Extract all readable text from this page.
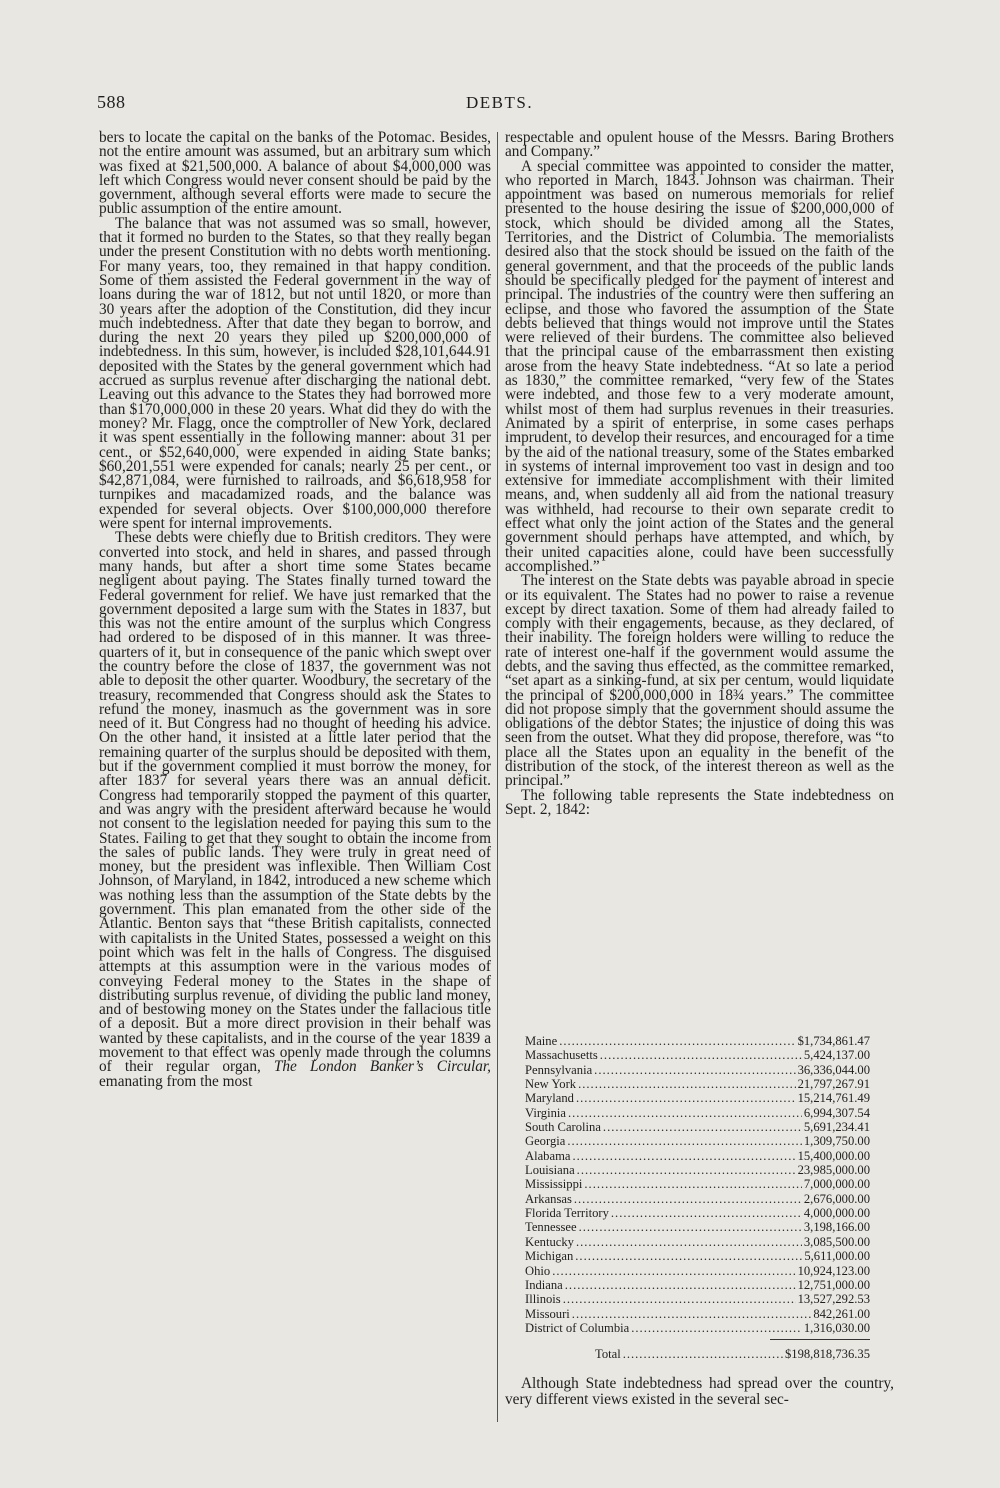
588	DEBTS.

bers to locate the capital on the banks of the Potomac. Besides, not the entire amount was assumed, but an arbitrary sum which was fixed at $21,500,000. A balance of about $4,000,000 was left which Congress would never consent should be paid by the government, although several efforts were made to secure the public assumption of the entire amount.

The balance that was not assumed was so small, however, that it formed no burden to the States, so that they really began under the present Constitution with no debts worth mentioning. For many years, too, they remained in that happy condition. Some of them assisted the Federal government in the way of loans during the war of 1812, but not until 1820, or more than 30 years after the adoption of the Constitution, did they incur much indebtedness. After that date they began to borrow, and during the next 20 years they piled up $200,000,000 of indebtedness. In this sum, however, is included $28,101,644.91 deposited with the States by the general government which had accrued as surplus revenue after discharging the national debt. Leaving out this advance to the States they had borrowed more than $170,000,000 in these 20 years. What did they do with the money? Mr. Flagg, once the comptroller of New York, declared it was spent essentially in the following manner: about 31 per cent., or $52,640,000, were expended in aiding State banks; $60,201,551 were expended for canals; nearly 25 per cent., or $42,871,084, were furnished to railroads, and $6,618,958 for turnpikes and macadamized roads, and the balance was expended for several objects. Over $100,000,000 therefore were spent for internal improvements.

These debts were chiefly due to British creditors. They were converted into stock, and held in shares, and passed through many hands, but after a short time some States became negligent about paying. The States finally turned toward the Federal government for relief. We have just remarked that the government deposited a large sum with the States in 1837, but this was not the entire amount of the surplus which Congress had ordered to be disposed of in this manner. It was three-quarters of it, but in consequence of the panic which swept over the country before the close of 1837, the government was not able to deposit the other quarter. Woodbury, the secretary of the treasury, recommended that Congress should ask the States to refund the money, inasmuch as the government was in sore need of it. But Congress had no thought of heeding his advice. On the other hand, it insisted at a little later period that the remaining quarter of the surplus should be deposited with them, but if the government complied it must borrow the money, for after 1837 for several years there was an annual deficit. Congress had temporarily stopped the payment of this quarter, and was angry with the president afterward because he would not consent to the legislation needed for paying this sum to the States. Failing to get that they sought to obtain the income from the sales of public lands. They were truly in great need of money, but the president was inflexible. Then William Cost Johnson, of Maryland, in 1842, introduced a new scheme which was nothing less than the assumption of the State debts by the government. This plan emanated from the other side of the Atlantic. Benton says that “these British capitalists, connected with capitalists in the United States, possessed a weight on this point which was felt in the halls of Congress. The disguised attempts at this assumption were in the various modes of conveying Federal money to the States in the shape of distributing surplus revenue, of dividing the public land money, and of bestowing money on the States under the fallacious title of a deposit. But a more direct provision in their behalf was wanted by these capitalists, and in the course of the year 1839 a movement to that effect was openly made through the columns of their regular organ, The London Banker’s Circular, emanating from the most

respectable and opulent house of the Messrs. Baring Brothers and Company.”

A special committee was appointed to consider the matter, who reported in March, 1843. Johnson was chairman. Their appointment was based on numerous memorials for relief presented to the house desiring the issue of $200,000,000 of stock, which should be divided among all the States, Territories, and the District of Columbia. The memorialists desired also that the stock should be issued on the faith of the general government, and that the proceeds of the public lands should be specifically pledged for the payment of interest and principal. The industries of the country were then suffering an eclipse, and those who favored the assumption of the State debts believed that things would not improve until the States were relieved of their burdens. The committee also believed that the principal cause of the embarrassment then existing arose from the heavy State indebtedness. “At so late a period as 1830,” the committee remarked, “very few of the States were indebted, and those few to a very moderate amount, whilst most of them had surplus revenues in their treasuries. Animated by a spirit of enterprise, in some cases perhaps imprudent, to develop their resurces, and encouraged for a time by the aid of the national treasury, some of the States embarked in systems of internal improvement too vast in design and too extensive for immediate accomplishment with their limited means, and, when suddenly all aid from the national treasury was withheld, had recourse to their own separate credit to effect what only the joint action of the States and the general government should perhaps have attempted, and which, by their united capacities alone, could have been successfully accomplished.”

The interest on the State debts was payable abroad in specie or its equivalent. The States had no power to raise a revenue except by direct taxation. Some of them had already failed to comply with their engagements, because, as they declared, of their inability. The foreign holders were willing to reduce the rate of interest one-half if the government would assume the debts, and the saving thus effected, as the committee remarked, “set apart as a sinking-fund, at six per centum, would liquidate the principal of $200,000,000 in 18¾ years.” The committee did not propose simply that the government should assume the obligations of the debtor States; the injustice of doing this was seen from the outset. What they did propose, therefore, was “to place all the States upon an equality in the benefit of the distribution of the stock, of the interest thereon as well as the principal.”

The following table represents the State indebtedness on Sept. 2, 1842:

Maine .....	$1,734,861.47
Massachusetts .....	5,424,137.00
Pennsylvania .....	36,336,044.00
New York .....	21,797,267.91
Maryland .....	15,214,761.49
Virginia .....	6,994,307.54
South Carolina .....	5,691,234.41
Georgia .....	1,309,750.00
Alabama .....	15,400,000.00
Louisiana .....	23,985,000.00
Mississippi .....	7,000,000.00
Arkansas .....	2,676,000.00
Florida Territory .....	4,000,000.00
Tennessee .....	3,198,166.00
Kentucky .....	3,085,500.00
Michigan .....	5,611,000.00
Ohio .....	10,924,123.00
Indiana .....	12,751,000.00
Illinois .....	13,527,292.53
Missouri .....	842,261.00
District of Columbia .....	1,316,030.00
Total .....	$198,818,736.35

Although State indebtedness had spread over the country, very different views existed in the several sec-
